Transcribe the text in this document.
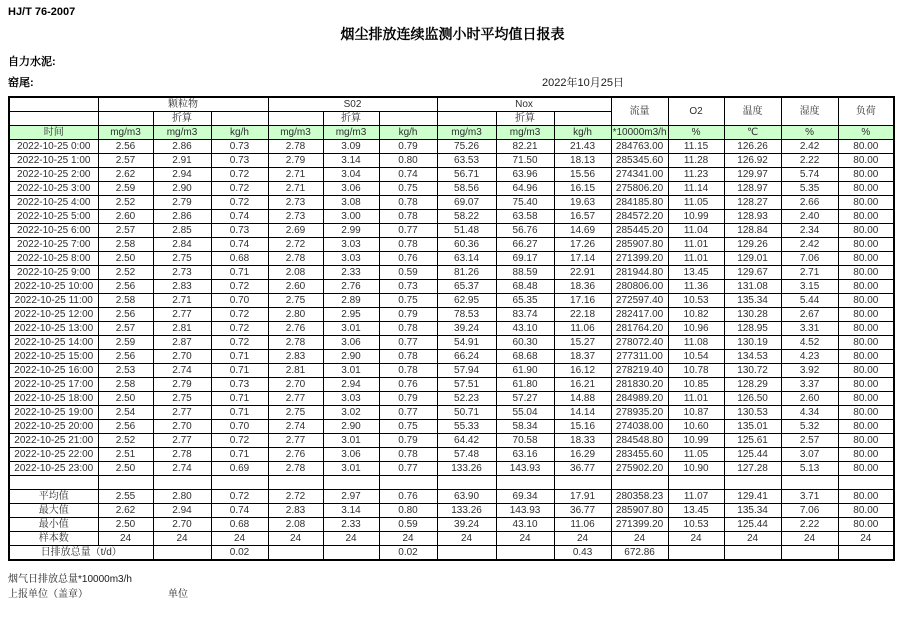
HJ/T 76-2007
烟尘排放连续监测小时平均值日报表
自力水泥:
窑尾:	2022年10月25日
	颗粒物			S02			Nox			流量	O2	温度	湿度	负荷
		折算			折算			折算						
时间	mg/m3	mg/m3	kg/h	mg/m3	mg/m3	kg/h	mg/m3	mg/m3	kg/h	*10000m3/h	%	℃	%	%
2022-10-25 0:00	2.56	2.86	0.73	2.78	3.09	0.79	75.26	82.21	21.43	284763.00	11.15	126.26	2.42	80.00
2022-10-25 1:00	2.57	2.91	0.73	2.79	3.14	0.80	63.53	71.50	18.13	285345.60	11.28	126.92	2.22	80.00
2022-10-25 2:00	2.62	2.94	0.72	2.71	3.04	0.74	56.71	63.96	15.56	274341.00	11.23	129.97	5.74	80.00
2022-10-25 3:00	2.59	2.90	0.72	2.71	3.06	0.75	58.56	64.96	16.15	275806.20	11.14	128.97	5.35	80.00
2022-10-25 4:00	2.52	2.79	0.72	2.73	3.08	0.78	69.07	75.40	19.63	284185.80	11.05	128.27	2.66	80.00
2022-10-25 5:00	2.60	2.86	0.74	2.73	3.00	0.78	58.22	63.58	16.57	284572.20	10.99	128.93	2.40	80.00
2022-10-25 6:00	2.57	2.85	0.73	2.69	2.99	0.77	51.48	56.76	14.69	285445.20	11.04	128.84	2.34	80.00
2022-10-25 7:00	2.58	2.84	0.74	2.72	3.03	0.78	60.36	66.27	17.26	285907.80	11.01	129.26	2.42	80.00
2022-10-25 8:00	2.50	2.75	0.68	2.78	3.03	0.76	63.14	69.17	17.14	271399.20	11.01	129.01	7.06	80.00
2022-10-25 9:00	2.52	2.73	0.71	2.08	2.33	0.59	81.26	88.59	22.91	281944.80	13.45	129.67	2.71	80.00
2022-10-25 10:00	2.56	2.83	0.72	2.60	2.76	0.73	65.37	68.48	18.36	280806.00	11.36	131.08	3.15	80.00
2022-10-25 11:00	2.58	2.71	0.70	2.75	2.89	0.75	62.95	65.35	17.16	272597.40	10.53	135.34	5.44	80.00
2022-10-25 12:00	2.56	2.77	0.72	2.80	2.95	0.79	78.53	83.74	22.18	282417.00	10.82	130.28	2.67	80.00
2022-10-25 13:00	2.57	2.81	0.72	2.76	3.01	0.78	39.24	43.10	11.06	281764.20	10.96	128.95	3.31	80.00
2022-10-25 14:00	2.59	2.87	0.72	2.78	3.06	0.77	54.91	60.30	15.27	278072.40	11.08	130.19	4.52	80.00
2022-10-25 15:00	2.56	2.70	0.71	2.83	2.90	0.78	66.24	68.68	18.37	277311.00	10.54	134.53	4.23	80.00
2022-10-25 16:00	2.53	2.74	0.71	2.81	3.01	0.78	57.94	61.90	16.12	278219.40	10.78	130.72	3.92	80.00
2022-10-25 17:00	2.58	2.79	0.73	2.70	2.94	0.76	57.51	61.80	16.21	281830.20	10.85	128.29	3.37	80.00
2022-10-25 18:00	2.50	2.75	0.71	2.77	3.03	0.79	52.23	57.27	14.88	284989.20	11.01	126.50	2.60	80.00
2022-10-25 19:00	2.54	2.77	0.71	2.75	3.02	0.77	50.71	55.04	14.14	278935.20	10.87	130.53	4.34	80.00
2022-10-25 20:00	2.56	2.70	0.70	2.74	2.90	0.75	55.33	58.34	15.16	274038.00	10.60	135.01	5.32	80.00
2022-10-25 21:00	2.52	2.77	0.72	2.77	3.01	0.79	64.42	70.58	18.33	284548.80	10.99	125.61	2.57	80.00
2022-10-25 22:00	2.51	2.78	0.71	2.76	3.06	0.78	57.48	63.16	16.29	283455.60	11.05	125.44	3.07	80.00
2022-10-25 23:00	2.50	2.74	0.69	2.78	3.01	0.77	133.26	143.93	36.77	275902.20	10.90	127.28	5.13	80.00

平均值	2.55	2.80	0.72	2.72	2.97	0.76	63.90	69.34	17.91	280358.23	11.07	129.41	3.71	80.00
最大值	2.62	2.94	0.74	2.83	3.14	0.80	133.26	143.93	36.77	285907.80	13.45	135.34	7.06	80.00
最小值	2.50	2.70	0.68	2.08	2.33	0.59	39.24	43.10	11.06	271399.20	10.53	125.44	2.22	80.00
样本数	24	24	24	24	24	24	24	24	24	24	24	24	24	24
日排放总量（t/d）			0.02			0.02			0.43	672.86				
烟气日排放总量*10000m3/h
上报单位（盖章）	单位
